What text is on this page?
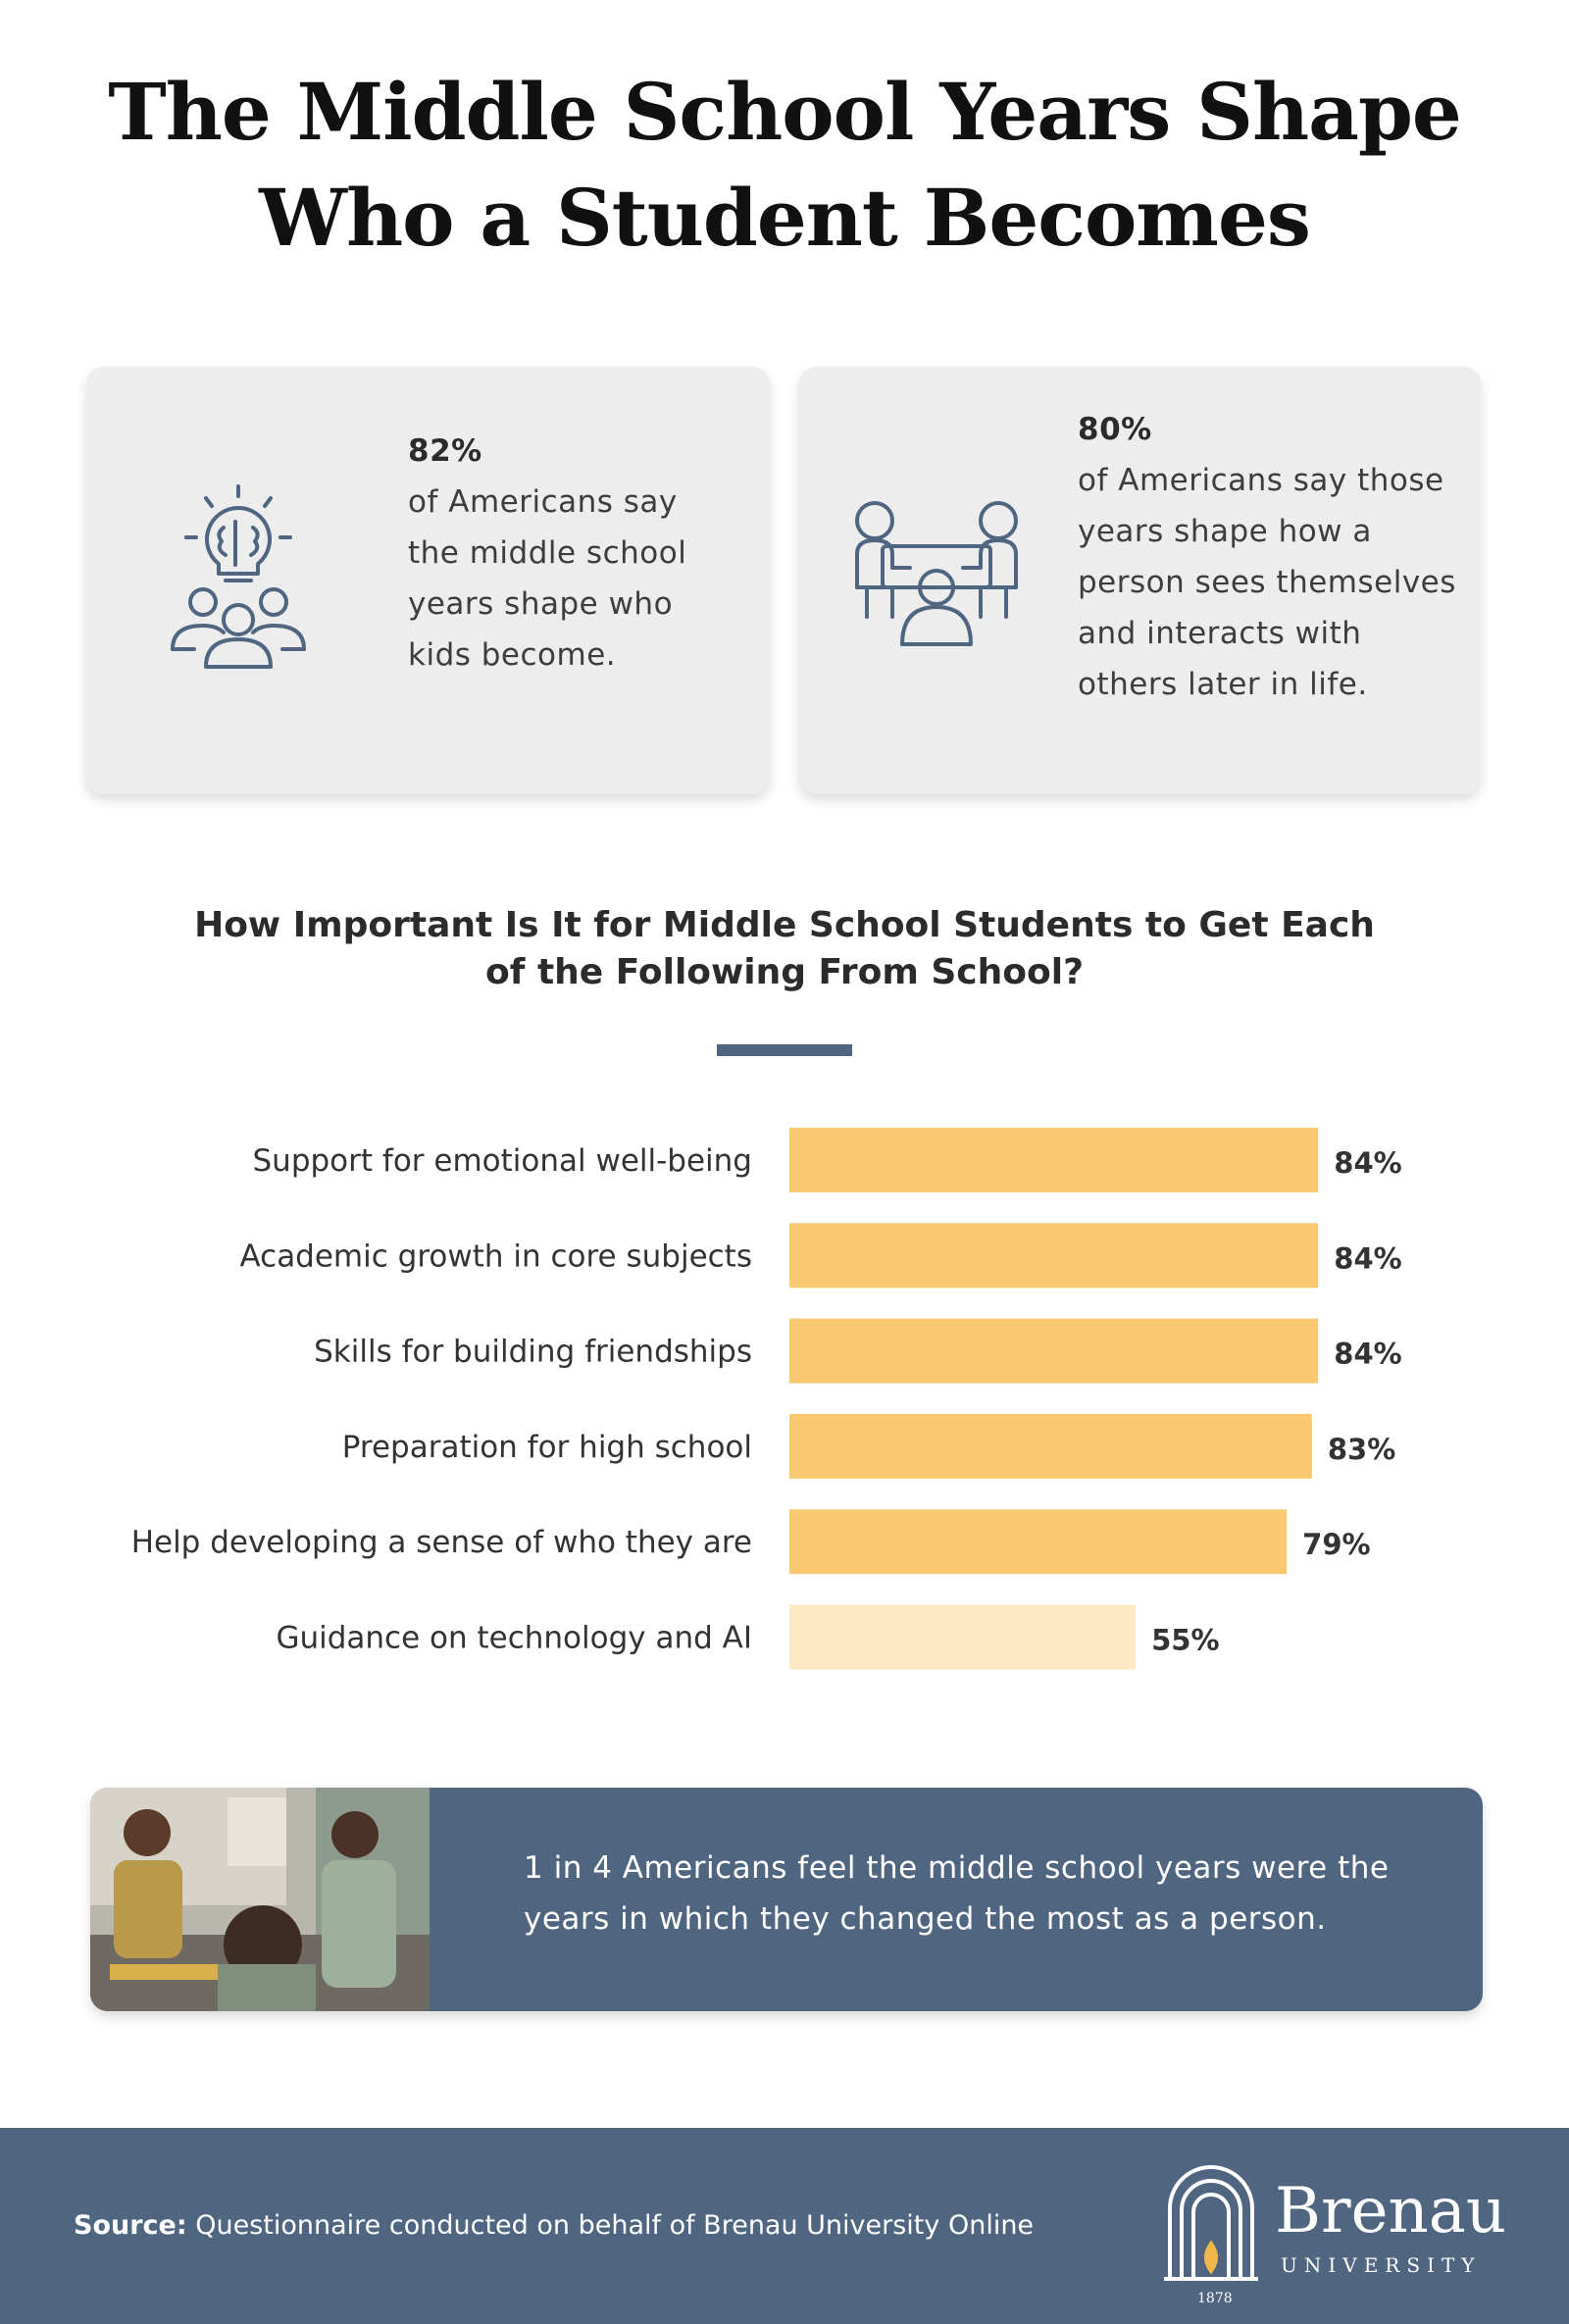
The Middle School Years Shape
Who a Student Becomes
82%
of Americans say the middle school years shape who kids become.
80%
of Americans say those years shape how a person sees themselves and interacts with others later in life.
How Important Is It for Middle School Students to Get Each
of the Following From School?
Support for emotional well-being	84%
Academic growth in core subjects	84%
Skills for building friendships	84%
Preparation for high school	83%
Help developing a sense of who they are	79%
Guidance on technology and AI	55%
1 in 4 Americans feel the middle school years were the years in which they changed the most as a person.
Source: Questionnaire conducted on behalf of Brenau University Online	Brenau
UNIVERSITY
1878
